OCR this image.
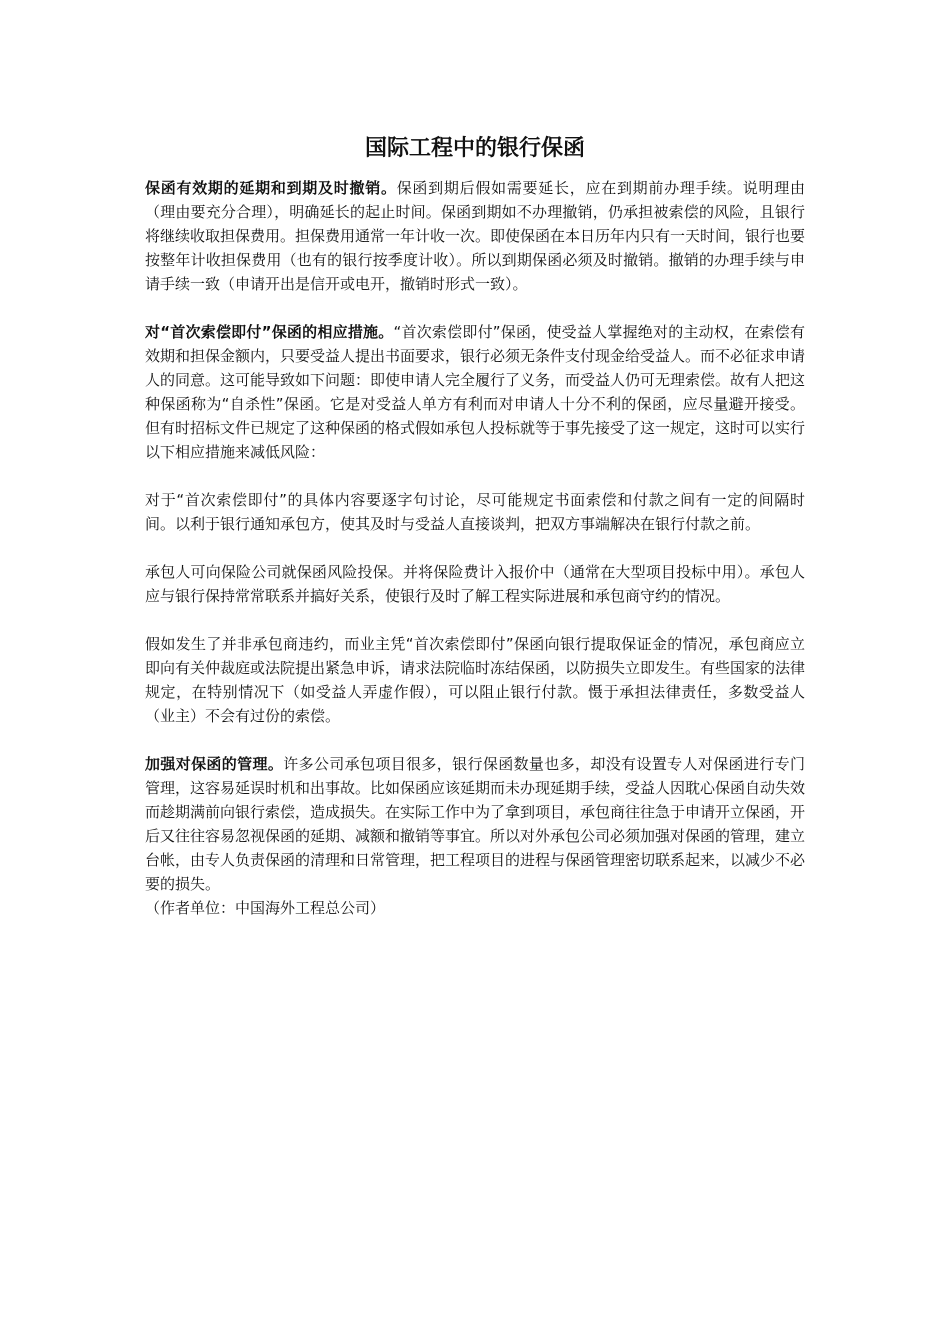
国际工程中的银行保函

保函有效期的延期和到期及时撤销。保函到期后假如需要延长，应在到期前办理手续。说明理由（理由要充分合理），明确延长的起止时间。保函到期如不办理撤销，仍承担被索偿的风险，且银行将继续收取担保费用。担保费用通常一年计收一次。即使保函在本日历年内只有一天时间，银行也要按整年计收担保费用（也有的银行按季度计收）。所以到期保函必须及时撤销。撤销的办理手续与申请手续一致（申请开出是信开或电开，撤销时形式一致）。

对“首次索偿即付”保函的相应措施。“首次索偿即付”保函，使受益人掌握绝对的主动权，在索偿有效期和担保金额内，只要受益人提出书面要求，银行必须无条件支付现金给受益人。而不必征求申请人的同意。这可能导致如下问题：即使申请人完全履行了义务，而受益人仍可无理索偿。故有人把这种保函称为“自杀性”保函。它是对受益人单方有利而对申请人十分不利的保函，应尽量避开接受。但有时招标文件已规定了这种保函的格式假如承包人投标就等于事先接受了这一规定，这时可以实行以下相应措施来减低风险：

对于“首次索偿即付”的具体内容要逐字句讨论，尽可能规定书面索偿和付款之间有一定的间隔时间。以利于银行通知承包方，使其及时与受益人直接谈判，把双方事端解决在银行付款之前。

承包人可向保险公司就保函风险投保。并将保险费计入报价中（通常在大型项目投标中用）。承包人应与银行保持常常联系并搞好关系，使银行及时了解工程实际进展和承包商守约的情况。

假如发生了并非承包商违约，而业主凭“首次索偿即付”保函向银行提取保证金的情况，承包商应立即向有关仲裁庭或法院提出紧急申诉，请求法院临时冻结保函，以防损失立即发生。有些国家的法律规定，在特别情况下（如受益人弄虚作假），可以阻止银行付款。慑于承担法律责任，多数受益人（业主）不会有过份的索偿。

加强对保函的管理。许多公司承包项目很多，银行保函数量也多，却没有设置专人对保函进行专门管理，这容易延误时机和出事故。比如保函应该延期而未办现延期手续，受益人因耽心保函自动失效而趁期满前向银行索偿，造成损失。在实际工作中为了拿到项目，承包商往往急于申请开立保函，开后又往往容易忽视保函的延期、减额和撤销等事宜。所以对外承包公司必须加强对保函的管理，建立台帐，由专人负责保函的清理和日常管理，把工程项目的进程与保函管理密切联系起来，以减少不必要的损失。

（作者单位：中国海外工程总公司）
